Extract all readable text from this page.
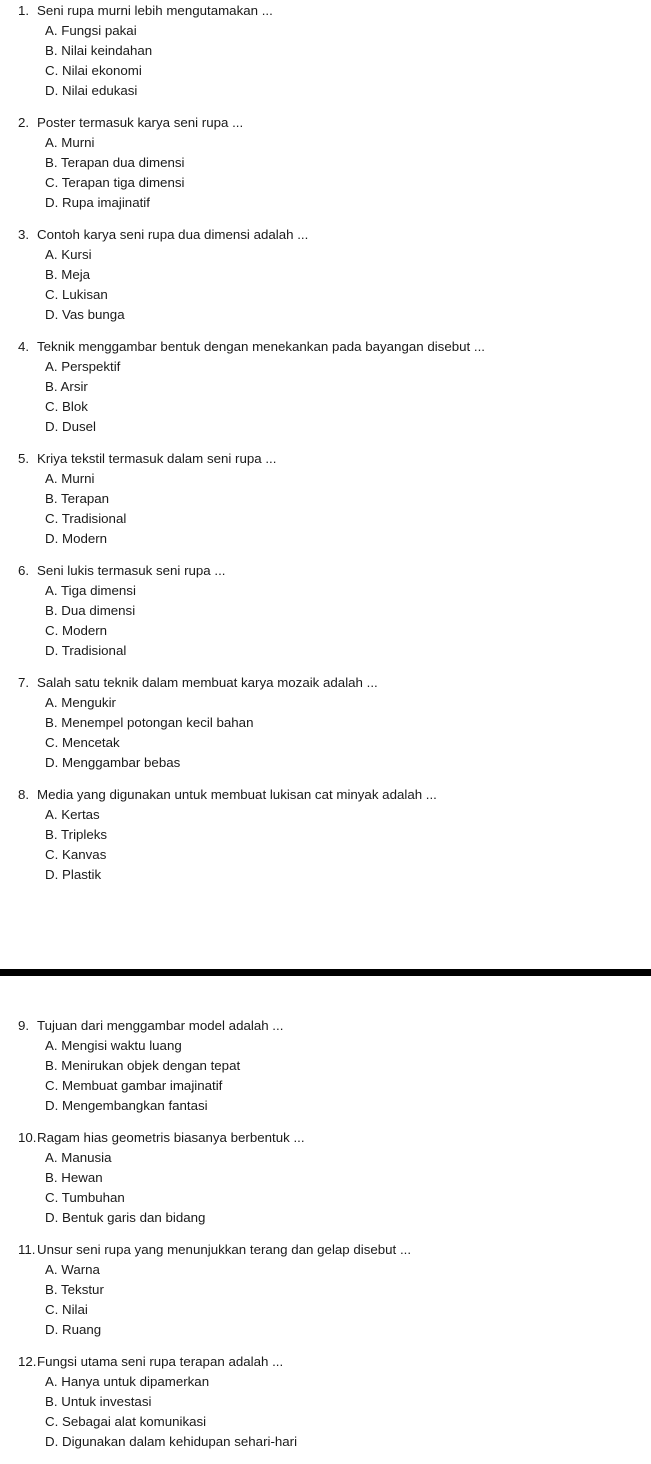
1. Seni rupa murni lebih mengutamakan ...
A. Fungsi pakai
B. Nilai keindahan
C. Nilai ekonomi
D. Nilai edukasi
2. Poster termasuk karya seni rupa ...
A. Murni
B. Terapan dua dimensi
C. Terapan tiga dimensi
D. Rupa imajinatif
3. Contoh karya seni rupa dua dimensi adalah ...
A. Kursi
B. Meja
C. Lukisan
D. Vas bunga
4. Teknik menggambar bentuk dengan menekankan pada bayangan disebut ...
A. Perspektif
B. Arsir
C. Blok
D. Dusel
5. Kriya tekstil termasuk dalam seni rupa ...
A. Murni
B. Terapan
C. Tradisional
D. Modern
6. Seni lukis termasuk seni rupa ...
A. Tiga dimensi
B. Dua dimensi
C. Modern
D. Tradisional
7. Salah satu teknik dalam membuat karya mozaik adalah ...
A. Mengukir
B. Menempel potongan kecil bahan
C. Mencetak
D. Menggambar bebas
8. Media yang digunakan untuk membuat lukisan cat minyak adalah ...
A. Kertas
B. Tripleks
C. Kanvas
D. Plastik
9. Tujuan dari menggambar model adalah ...
A. Mengisi waktu luang
B. Menirukan objek dengan tepat
C. Membuat gambar imajinatif
D. Mengembangkan fantasi
10. Ragam hias geometris biasanya berbentuk ...
A. Manusia
B. Hewan
C. Tumbuhan
D. Bentuk garis dan bidang
11. Unsur seni rupa yang menunjukkan terang dan gelap disebut ...
A. Warna
B. Tekstur
C. Nilai
D. Ruang
12. Fungsi utama seni rupa terapan adalah ...
A. Hanya untuk dipamerkan
B. Untuk investasi
C. Sebagai alat komunikasi
D. Digunakan dalam kehidupan sehari-hari
